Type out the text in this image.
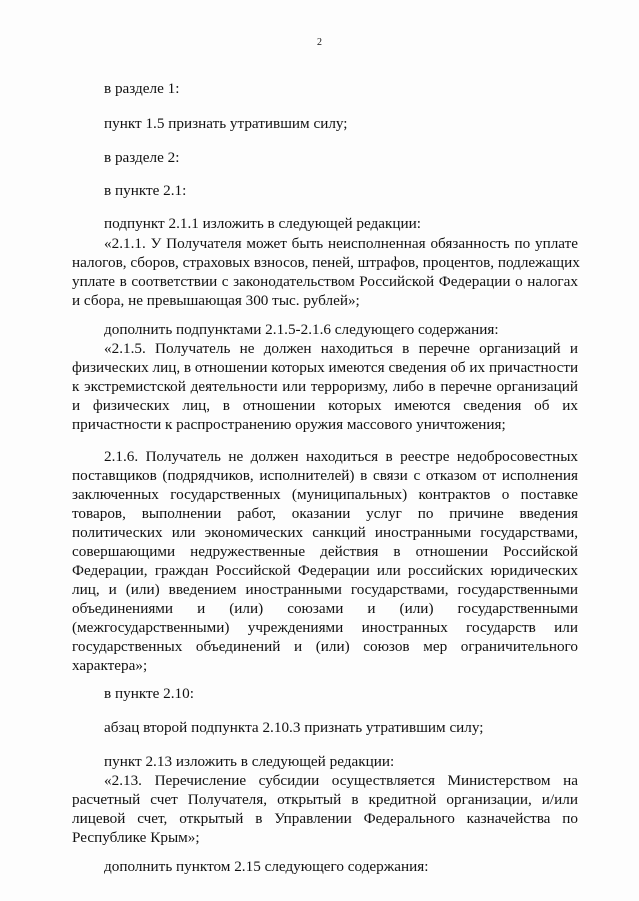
2
в разделе 1:
пункт 1.5 признать утратившим силу;
в разделе 2:
в пункте 2.1:
подпункт 2.1.1 изложить в следующей редакции:
«2.1.1. У Получателя может быть неисполненная обязанность по уплате
налогов, сборов, страховых взносов, пеней, штрафов, процентов, подлежащих
уплате в соответствии с законодательством Российской Федерации о налогах
и сбора, не превышающая 300 тыс. рублей»;
дополнить подпунктами 2.1.5-2.1.6 следующего содержания:
«2.1.5. Получатель не должен находиться в перечне организаций и
физических лиц, в отношении которых имеются сведения об их причастности
к экстремистской деятельности или терроризму, либо в перечне организаций
и физических лиц, в отношении которых имеются сведения об их
причастности к распространению оружия массового уничтожения;
2.1.6. Получатель не должен находиться в реестре недобросовестных
поставщиков (подрядчиков, исполнителей) в связи с отказом от исполнения
заключенных государственных (муниципальных) контрактов о поставке
товаров, выполнении работ, оказании услуг по причине введения
политических или экономических санкций иностранными государствами,
совершающими недружественные действия в отношении Российской
Федерации, граждан Российской Федерации или российских юридических
лиц, и (или) введением иностранными государствами, государственными
объединениями и (или) союзами и (или) государственными
(межгосударственными) учреждениями иностранных государств или
государственных объединений и (или) союзов мер ограничительного
характера»;
в пункте 2.10:
абзац второй подпункта 2.10.3 признать утратившим силу;
пункт 2.13 изложить в следующей редакции:
«2.13. Перечисление субсидии осуществляется Министерством на
расчетный счет Получателя, открытый в кредитной организации, и/или
лицевой счет, открытый в Управлении Федерального казначейства по
Республике Крым»;
дополнить пунктом 2.15 следующего содержания:
